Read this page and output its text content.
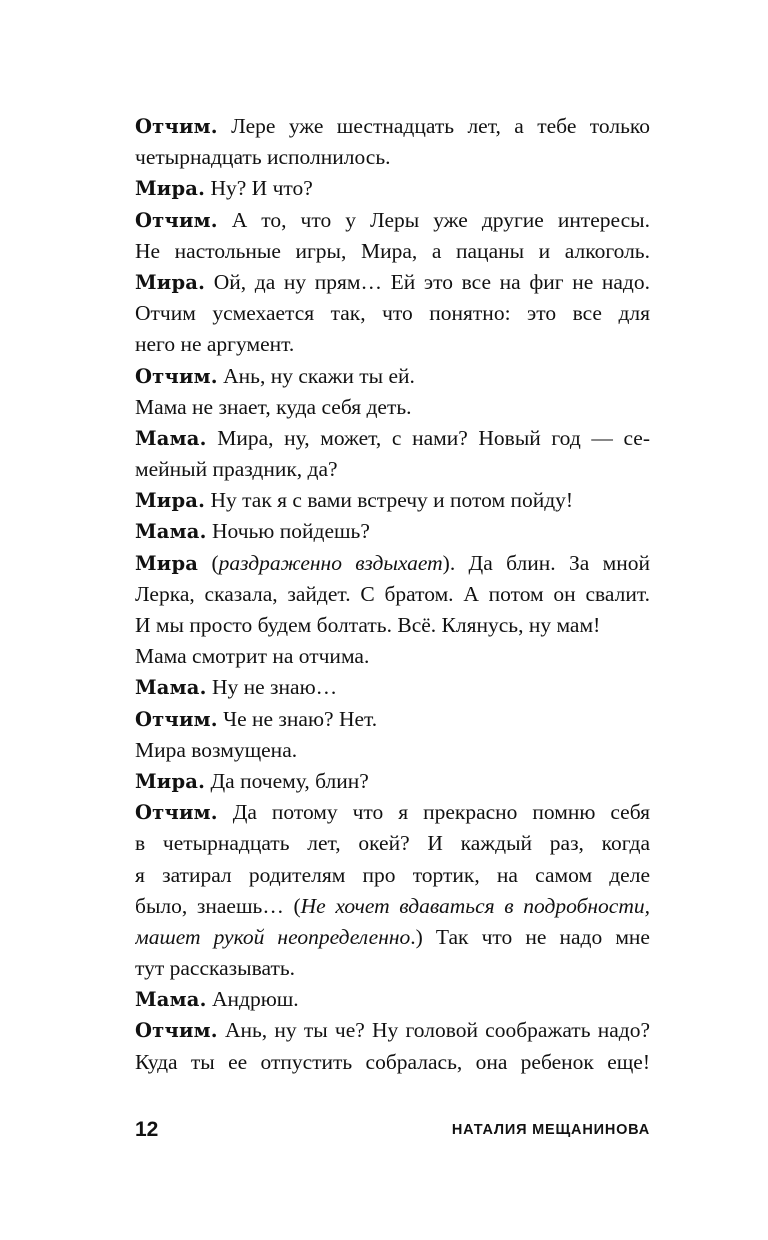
Отчим. Лере уже шестнадцать лет, а тебе только
четырнадцать исполнилось.
Мира. Ну? И что?
Отчим. А то, что у Леры уже другие интересы.
Не настольные игры, Мира, а пацаны и алкоголь.
Мира. Ой, да ну прям… Ей это все на фиг не надо.
Отчим усмехается так, что понятно: это все для
него не аргумент.
Отчим. Ань, ну скажи ты ей.
Мама не знает, куда себя деть.
Мама. Мира, ну, может, с нами? Новый год — се-
мейный праздник, да?
Мира. Ну так я с вами встречу и потом пойду!
Мама. Ночью пойдешь?
Мира (раздраженно вздыхает). Да блин. За мной
Лерка, сказала, зайдет. С братом. А потом он свалит.
И мы просто будем болтать. Всё. Клянусь, ну мам!
Мама смотрит на отчима.
Мама. Ну не знаю…
Отчим. Че не знаю? Нет.
Мира возмущена.
Мира. Да почему, блин?
Отчим. Да потому что я прекрасно помню себя
в четырнадцать лет, окей? И каждый раз, когда
я затирал родителям про тортик, на самом деле
было, знаешь… (Не хочет вдаваться в подробности,
машет рукой неопределенно.) Так что не надо мне
тут рассказывать.
Мама. Андрюш.
Отчим. Ань, ну ты че? Ну головой соображать надо?
Куда ты ее отпустить собралась, она ребенок еще!
12	НАТАЛИЯ МЕЩАНИНОВА
